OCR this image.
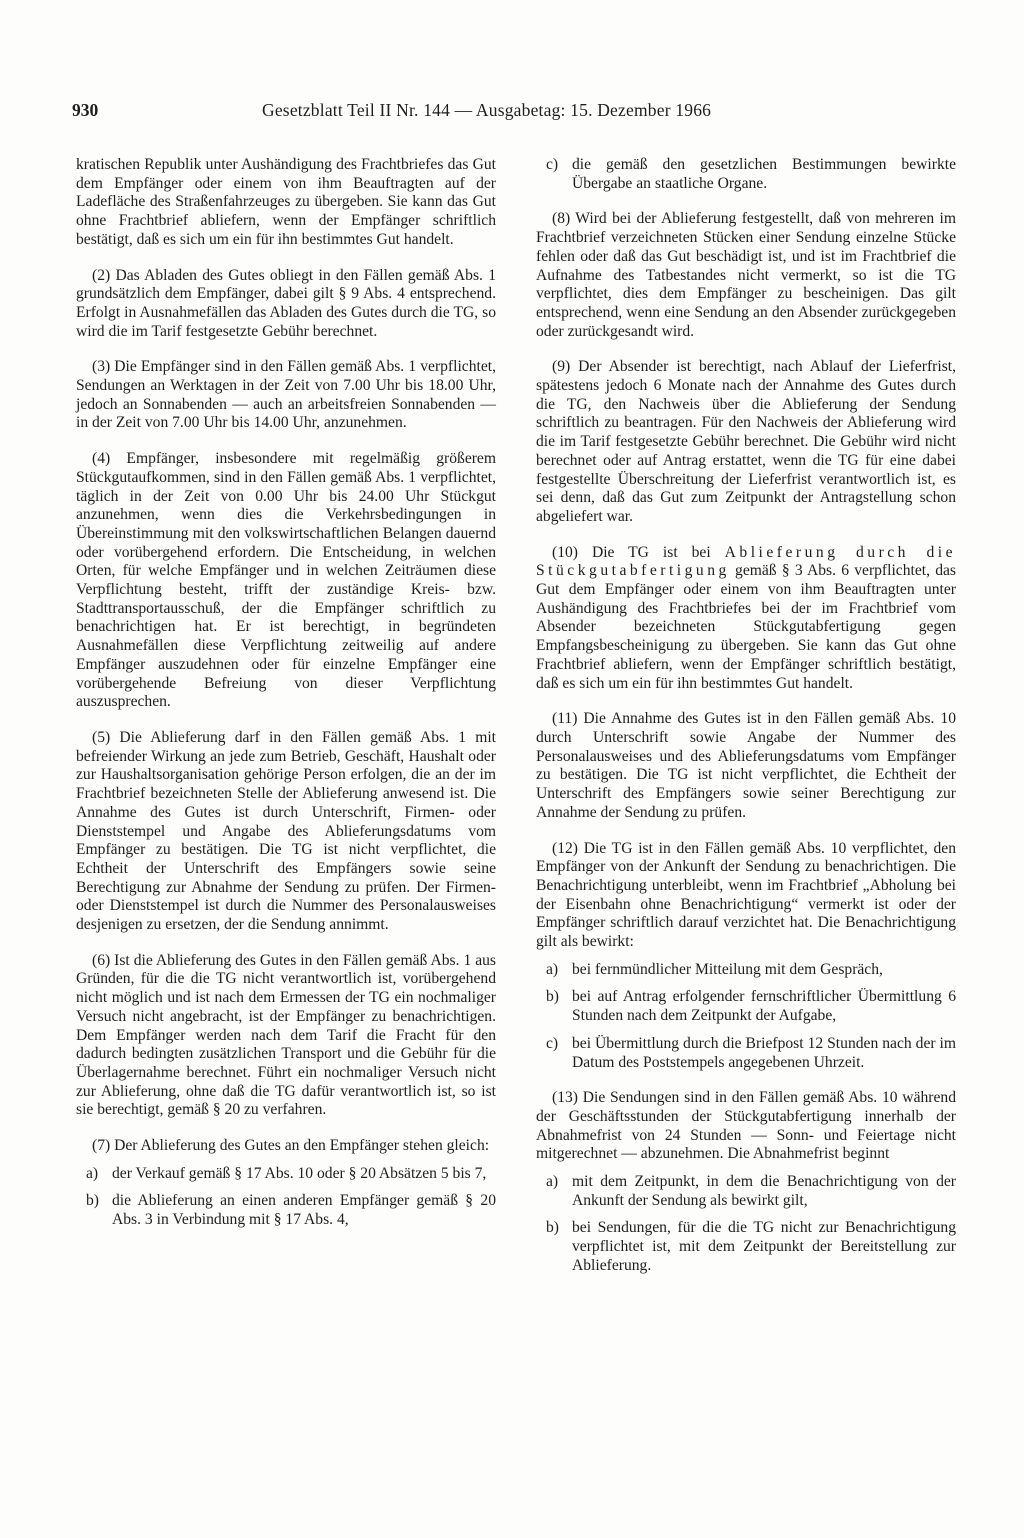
930	Gesetzblatt Teil II Nr. 144 — Ausgabetag: 15. Dezember 1966

kratischen Republik unter Aushändigung des Frachtbriefes das Gut dem Empfänger oder einem von ihm Beauftragten auf der Ladefläche des Straßenfahrzeuges zu übergeben. Sie kann das Gut ohne Frachtbrief abliefern, wenn der Empfänger schriftlich bestätigt, daß es sich um ein für ihn bestimmtes Gut handelt.

(2) Das Abladen des Gutes obliegt in den Fällen gemäß Abs. 1 grundsätzlich dem Empfänger, dabei gilt § 9 Abs. 4 entsprechend. Erfolgt in Ausnahmefällen das Abladen des Gutes durch die TG, so wird die im Tarif festgesetzte Gebühr berechnet.

(3) Die Empfänger sind in den Fällen gemäß Abs. 1 verpflichtet, Sendungen an Werktagen in der Zeit von 7.00 Uhr bis 18.00 Uhr, jedoch an Sonnabenden — auch an arbeitsfreien Sonnabenden — in der Zeit von 7.00 Uhr bis 14.00 Uhr, anzunehmen.

(4) Empfänger, insbesondere mit regelmäßig größerem Stückgutaufkommen, sind in den Fällen gemäß Abs. 1 verpflichtet, täglich in der Zeit von 0.00 Uhr bis 24.00 Uhr Stückgut anzunehmen, wenn dies die Verkehrsbedingungen in Übereinstimmung mit den volkswirtschaftlichen Belangen dauernd oder vorübergehend erfordern. Die Entscheidung, in welchen Orten, für welche Empfänger und in welchen Zeiträumen diese Verpflichtung besteht, trifft der zuständige Kreis- bzw. Stadttransportausschuß, der die Empfänger schriftlich zu benachrichtigen hat. Er ist berechtigt, in begründeten Ausnahmefällen diese Verpflichtung zeitweilig auf andere Empfänger auszudehnen oder für einzelne Empfänger eine vorübergehende Befreiung von dieser Verpflichtung auszusprechen.

(5) Die Ablieferung darf in den Fällen gemäß Abs. 1 mit befreiender Wirkung an jede zum Betrieb, Geschäft, Haushalt oder zur Haushaltsorganisation gehörige Person erfolgen, die an der im Frachtbrief bezeichneten Stelle der Ablieferung anwesend ist. Die Annahme des Gutes ist durch Unterschrift, Firmen- oder Dienststempel und Angabe des Ablieferungsdatums vom Empfänger zu bestätigen. Die TG ist nicht verpflichtet, die Echtheit der Unterschrift des Empfängers sowie seine Berechtigung zur Abnahme der Sendung zu prüfen. Der Firmen- oder Dienststempel ist durch die Nummer des Personalausweises desjenigen zu ersetzen, der die Sendung annimmt.

(6) Ist die Ablieferung des Gutes in den Fällen gemäß Abs. 1 aus Gründen, für die die TG nicht verantwortlich ist, vorübergehend nicht möglich und ist nach dem Ermessen der TG ein nochmaliger Versuch nicht angebracht, ist der Empfänger zu benachrichtigen. Dem Empfänger werden nach dem Tarif die Fracht für den dadurch bedingten zusätzlichen Transport und die Gebühr für die Überlagernahme berechnet. Führt ein nochmaliger Versuch nicht zur Ablieferung, ohne daß die TG dafür verantwortlich ist, so ist sie berechtigt, gemäß § 20 zu verfahren.

(7) Der Ablieferung des Gutes an den Empfänger stehen gleich:

a) der Verkauf gemäß § 17 Abs. 10 oder § 20 Absätzen 5 bis 7,
b) die Ablieferung an einen anderen Empfänger gemäß § 20 Abs. 3 in Verbindung mit § 17 Abs. 4,
c) die gemäß den gesetzlichen Bestimmungen bewirkte Übergabe an staatliche Organe.

(8) Wird bei der Ablieferung festgestellt, daß von mehreren im Frachtbrief verzeichneten Stücken einer Sendung einzelne Stücke fehlen oder daß das Gut beschädigt ist, und ist im Frachtbrief die Aufnahme des Tatbestandes nicht vermerkt, so ist die TG verpflichtet, dies dem Empfänger zu bescheinigen. Das gilt entsprechend, wenn eine Sendung an den Absender zurückgegeben oder zurückgesandt wird.

(9) Der Absender ist berechtigt, nach Ablauf der Lieferfrist, spätestens jedoch 6 Monate nach der Annahme des Gutes durch die TG, den Nachweis über die Ablieferung der Sendung schriftlich zu beantragen. Für den Nachweis der Ablieferung wird die im Tarif festgesetzte Gebühr berechnet. Die Gebühr wird nicht berechnet oder auf Antrag erstattet, wenn die TG für eine dabei festgestellte Überschreitung der Lieferfrist verantwortlich ist, es sei denn, daß das Gut zum Zeitpunkt der Antragstellung schon abgeliefert war.

(10) Die TG ist bei Ablieferung durch die Stückgutabfertigung gemäß § 3 Abs. 6 verpflichtet, das Gut dem Empfänger oder einem von ihm Beauftragten unter Aushändigung des Frachtbriefes bei der im Frachtbrief vom Absender bezeichneten Stückgutabfertigung gegen Empfangsbescheinigung zu übergeben. Sie kann das Gut ohne Frachtbrief abliefern, wenn der Empfänger schriftlich bestätigt, daß es sich um ein für ihn bestimmtes Gut handelt.

(11) Die Annahme des Gutes ist in den Fällen gemäß Abs. 10 durch Unterschrift sowie Angabe der Nummer des Personalausweises und des Ablieferungsdatums vom Empfänger zu bestätigen. Die TG ist nicht verpflichtet, die Echtheit der Unterschrift des Empfängers sowie seiner Berechtigung zur Annahme der Sendung zu prüfen.

(12) Die TG ist in den Fällen gemäß Abs. 10 verpflichtet, den Empfänger von der Ankunft der Sendung zu benachrichtigen. Die Benachrichtigung unterbleibt, wenn im Frachtbrief „Abholung bei der Eisenbahn ohne Benachrichtigung“ vermerkt ist oder der Empfänger schriftlich darauf verzichtet hat. Die Benachrichtigung gilt als bewirkt:

a) bei fernmündlicher Mitteilung mit dem Gespräch,
b) bei auf Antrag erfolgender fernschriftlicher Übermittlung 6 Stunden nach dem Zeitpunkt der Aufgabe,
c) bei Übermittlung durch die Briefpost 12 Stunden nach der im Datum des Poststempels angegebenen Uhrzeit.

(13) Die Sendungen sind in den Fällen gemäß Abs. 10 während der Geschäftsstunden der Stückgutabfertigung innerhalb der Abnahmefrist von 24 Stunden — Sonn- und Feiertage nicht mitgerechnet — abzunehmen. Die Abnahmefrist beginnt

a) mit dem Zeitpunkt, in dem die Benachrichtigung von der Ankunft der Sendung als bewirkt gilt,
b) bei Sendungen, für die die TG nicht zur Benachrichtigung verpflichtet ist, mit dem Zeitpunkt der Bereitstellung zur Ablieferung.
